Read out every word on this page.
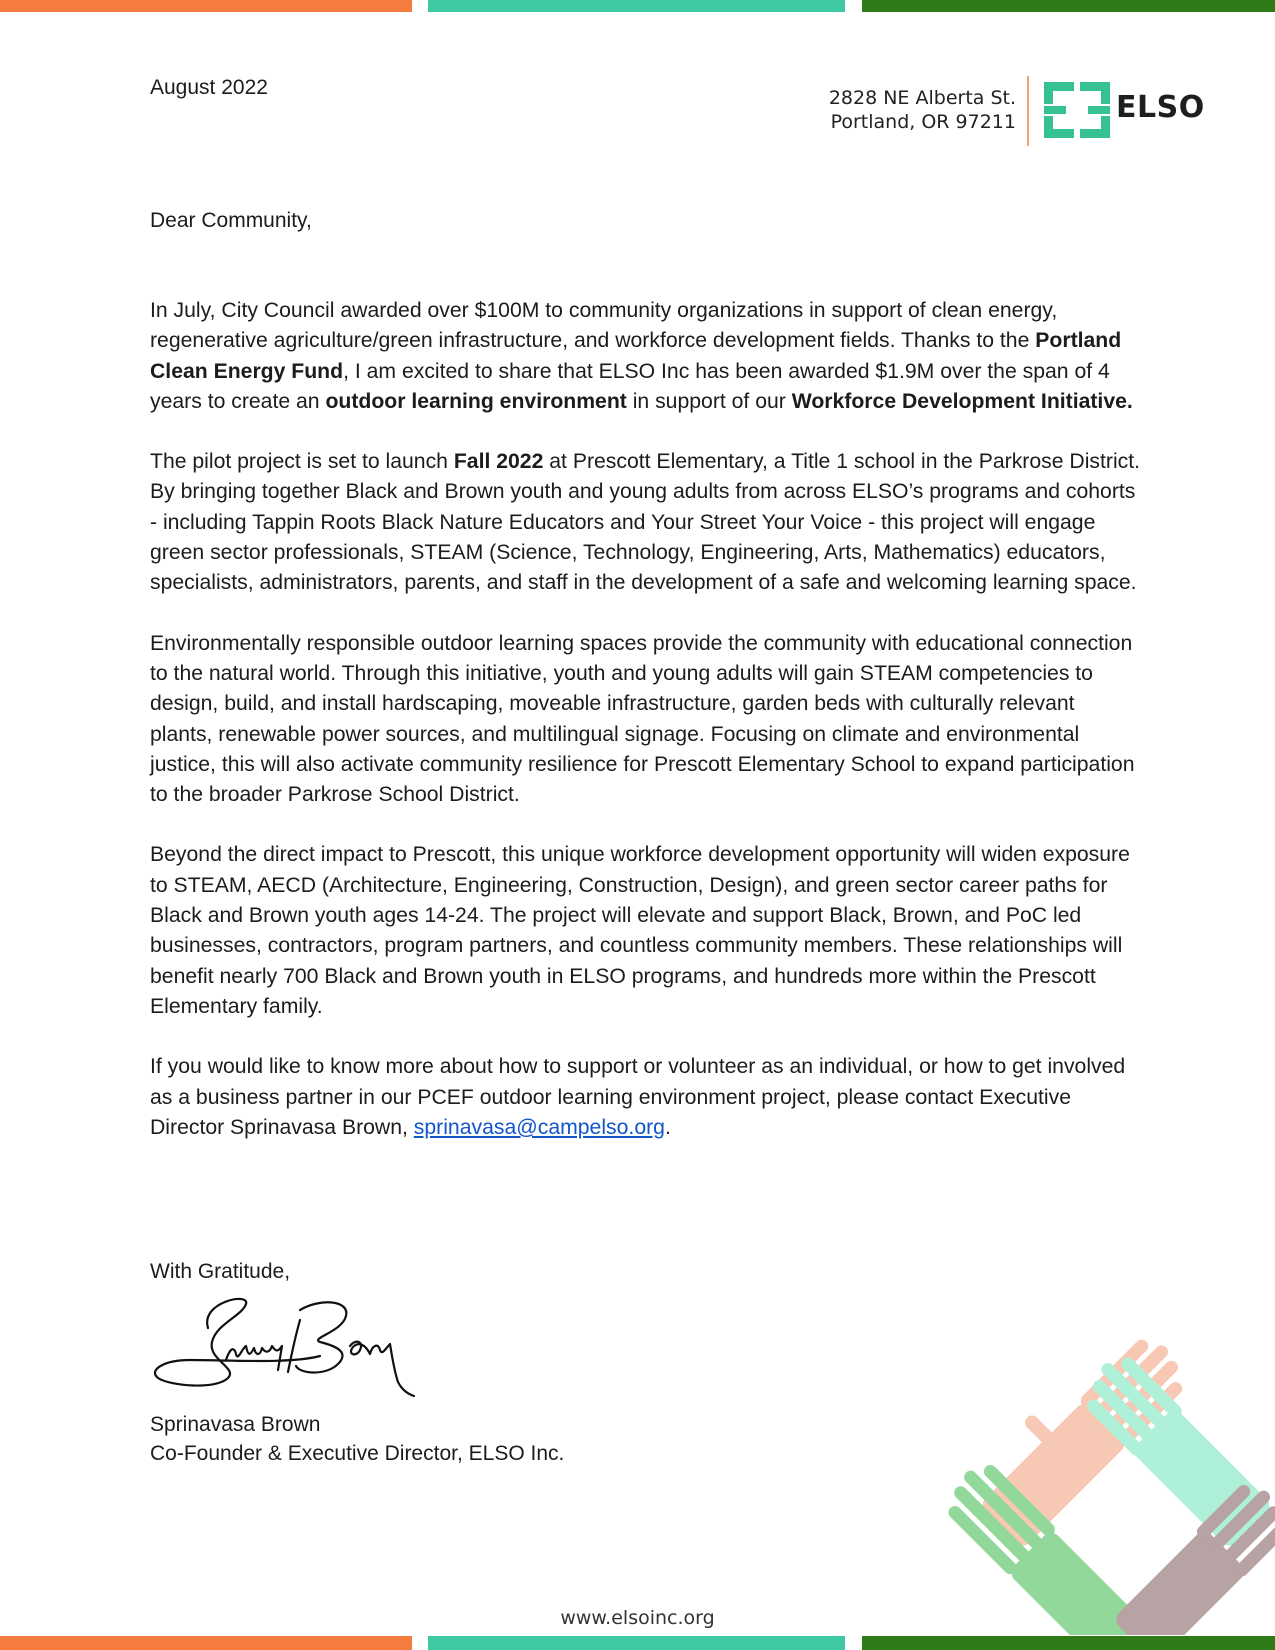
August 2022	2828 NE Alberta St.
Portland, OR 97211	ELSO
Dear Community,

In July, City Council awarded over $100M to community organizations in support of clean energy, regenerative agriculture/green infrastructure, and workforce development fields. Thanks to the Portland Clean Energy Fund, I am excited to share that ELSO Inc has been awarded $1.9M over the span of 4 years to create an outdoor learning environment in support of our Workforce Development Initiative.

The pilot project is set to launch Fall 2022 at Prescott Elementary, a Title 1 school in the Parkrose District. By bringing together Black and Brown youth and young adults from across ELSO’s programs and cohorts - including Tappin Roots Black Nature Educators and Your Street Your Voice - this project will engage green sector professionals, STEAM (Science, Technology, Engineering, Arts, Mathematics) educators, specialists, administrators, parents, and staff in the development of a safe and welcoming learning space.

Environmentally responsible outdoor learning spaces provide the community with educational connection to the natural world. Through this initiative, youth and young adults will gain STEAM competencies to design, build, and install hardscaping, moveable infrastructure, garden beds with culturally relevant plants, renewable power sources, and multilingual signage. Focusing on climate and environmental justice, this will also activate community resilience for Prescott Elementary School to expand participation to the broader Parkrose School District.

Beyond the direct impact to Prescott, this unique workforce development opportunity will widen exposure to STEAM, AECD (Architecture, Engineering, Construction, Design), and green sector career paths for Black and Brown youth ages 14-24. The project will elevate and support Black, Brown, and PoC led businesses, contractors, program partners, and countless community members. These relationships will benefit nearly 700 Black and Brown youth in ELSO programs, and hundreds more within the Prescott Elementary family.

If you would like to know more about how to support or volunteer as an individual, or how to get involved as a business partner in our PCEF outdoor learning environment project, please contact Executive Director Sprinavasa Brown, sprinavasa@campelso.org.

With Gratitude,
Sprinavasa Brown
Co-Founder & Executive Director, ELSO Inc.
www.elsoinc.org
